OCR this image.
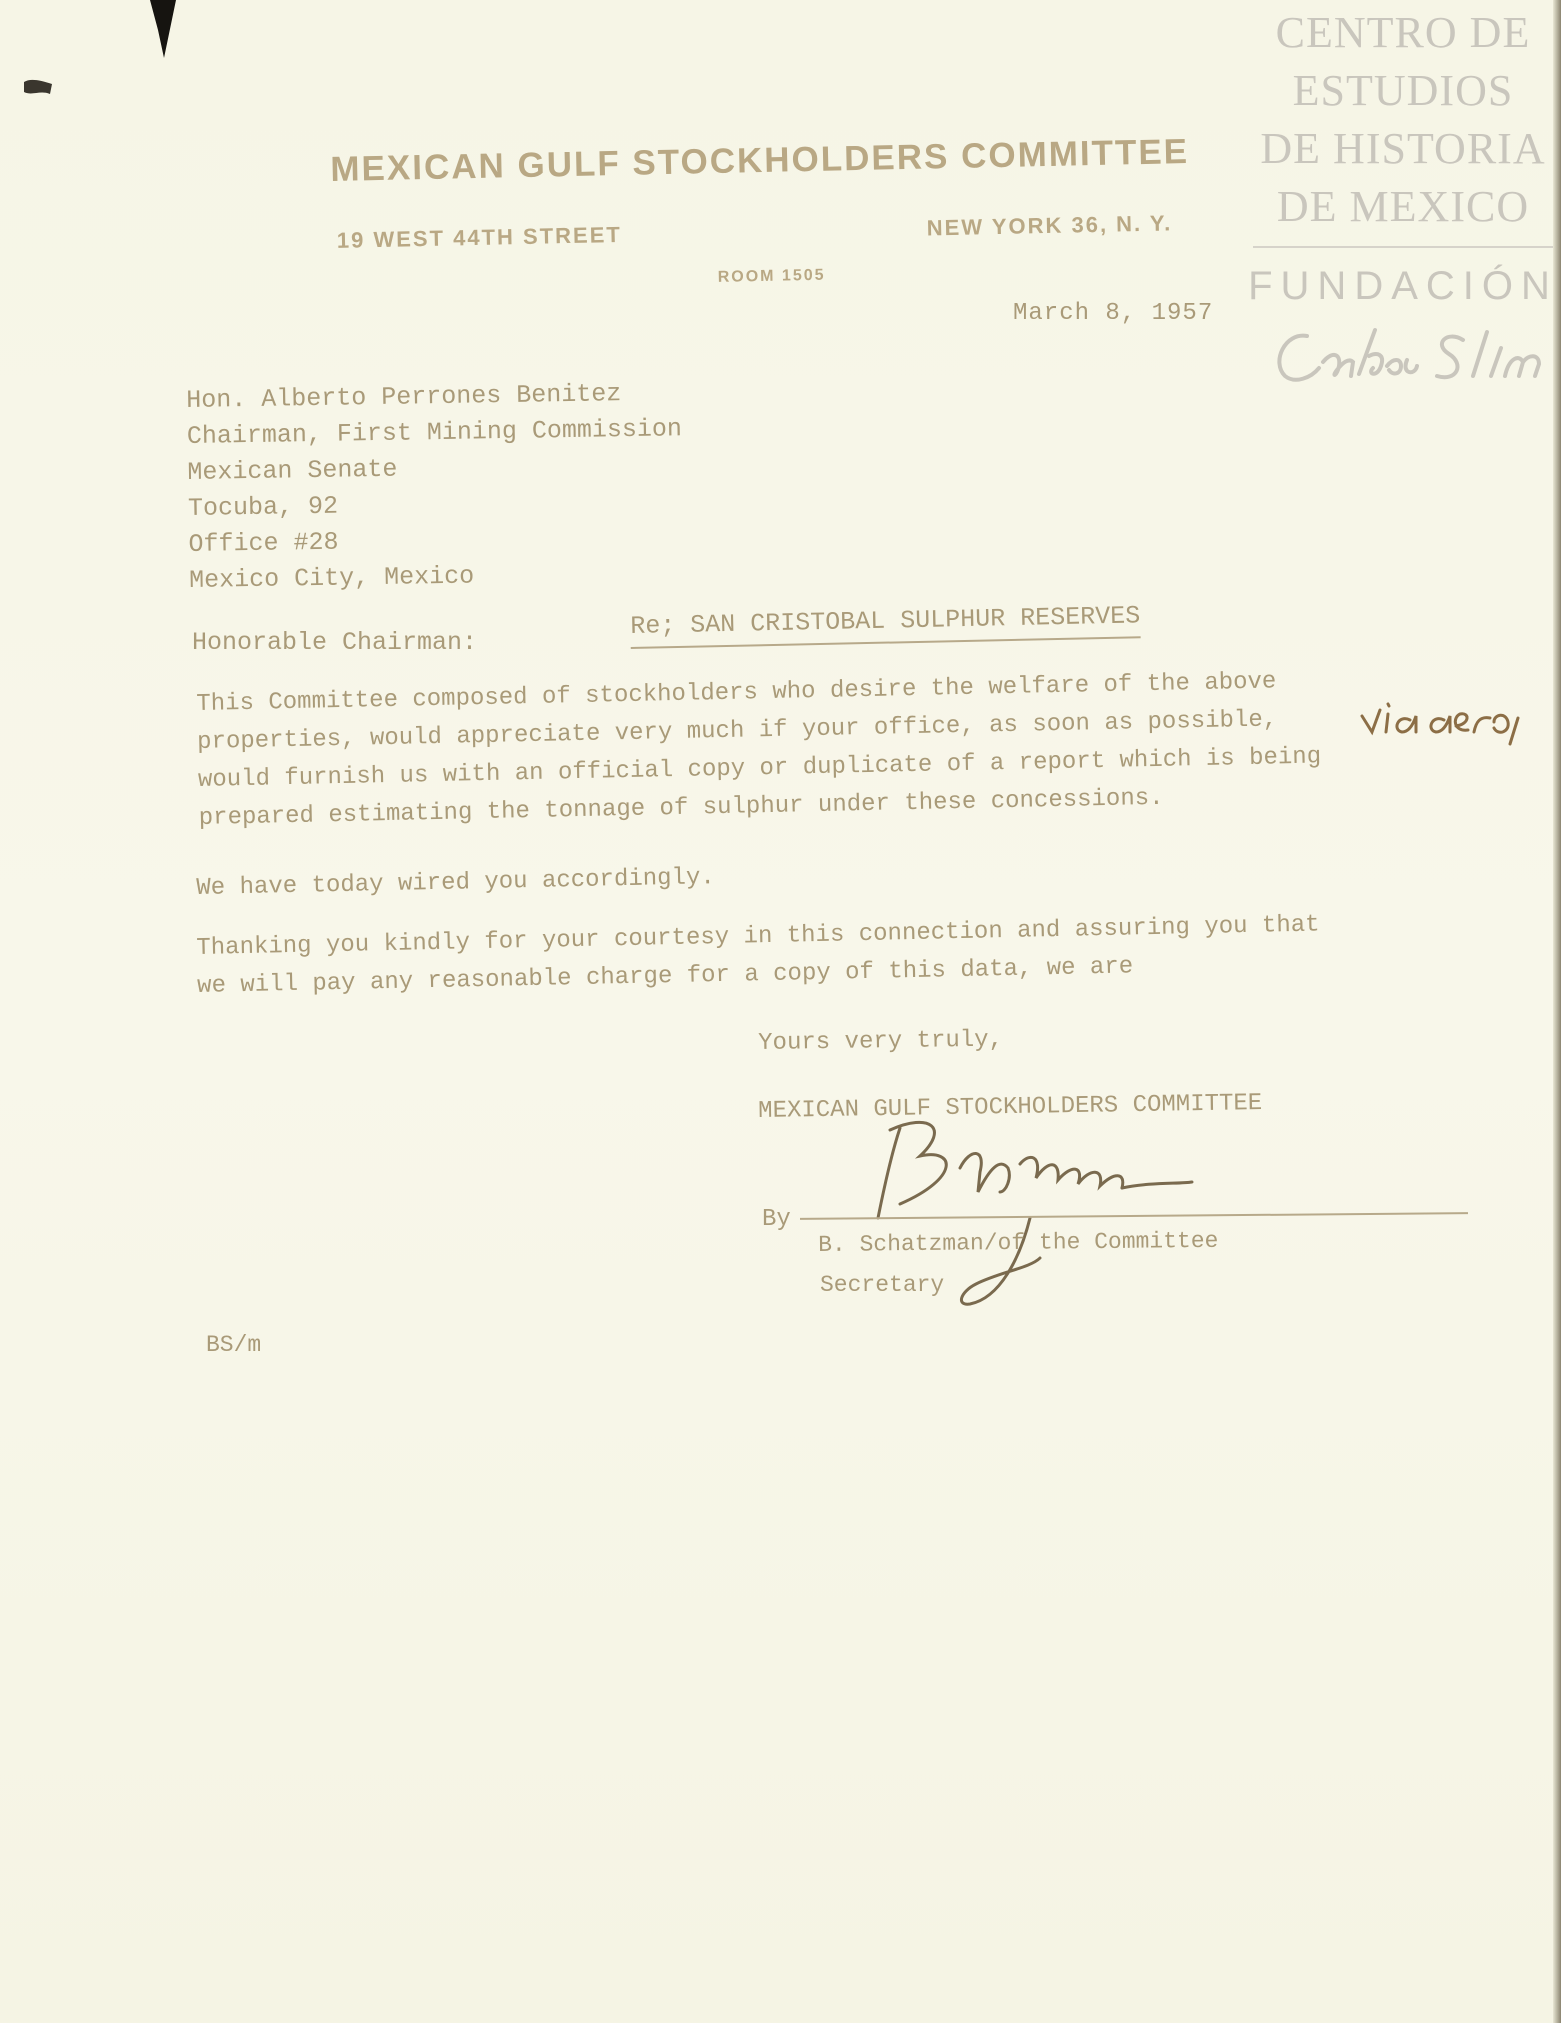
CENTRO DE
ESTUDIOS
DE HISTORIA
DE MEXICO
FUNDACIÓN
MEXICAN GULF STOCKHOLDERS COMMITTEE
19 WEST 44TH STREET	NEW YORK 36, N. Y.
ROOM 1505
March 8, 1957
Hon. Alberto Perrones Benitez
Chairman, First Mining Commission
Mexican Senate
Tocuba, 92
Office #28
Mexico City, Mexico
Honorable Chairman:
Re; SAN CRISTOBAL SULPHUR RESERVES
This Committee composed of stockholders who desire the welfare of the above
properties, would appreciate very much if your office, as soon as possible,
would furnish us with an official copy or duplicate of a report which is being
prepared estimating the tonnage of sulphur under these concessions.
We have today wired you accordingly.
Thanking you kindly for your courtesy in this connection and assuring you that
we will pay any reasonable charge for a copy of this data, we are
Yours very truly,
MEXICAN GULF STOCKHOLDERS COMMITTEE
By
B. Schatzman/of the Committee
Secretary
BS/m
